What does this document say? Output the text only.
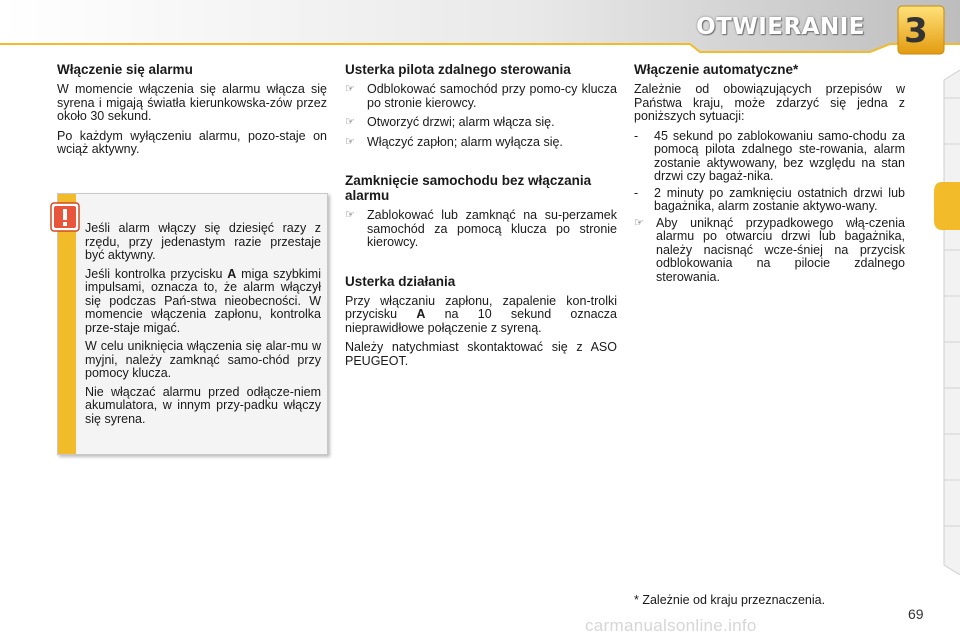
OTWIERANIE 3
Włączenie się alarmu

W momencie włączenia się alarmu włącza się syrena i migają światła kierunkowska-zów przez około 30 sekund.

Po każdym wyłączeniu alarmu, pozo-staje on wciąż aktywny.

Jeśli alarm włączy się dziesięć razy z rzędu, przy jedenastym razie przestaje być aktywny.

Jeśli kontrolka przycisku A miga szybkimi impulsami, oznacza to, że alarm włączył się podczas Pań-stwa nieobecności. W momencie włączenia zapłonu, kontrolka prze-staje migać.

W celu uniknięcia włączenia się alar-mu w myjni, należy zamknąć samo-chód przy pomocy klucza.

Nie włączać alarmu przed odłącze-niem akumulatora, w innym przy-padku włączy się syrena.

Usterka pilota zdalnego sterowania
☞ Odblokować samochód przy pomo-cy klucza po stronie kierowcy.
☞ Otworzyć drzwi; alarm włącza się.
☞ Włączyć zapłon; alarm wyłącza się.
Zamknięcie samochodu bez włączania alarmu
☞ Zablokować lub zamknąć na su-perzamek samochód za pomocą klucza po stronie kierowcy.
Usterka działania

Przy włączaniu zapłonu, zapalenie kon-trolki przycisku A na 10 sekund oznacza nieprawidłowe połączenie z syreną.

Należy natychmiast skontaktować się z ASO PEUGEOT.

Włączenie automatyczne*

Zależnie od obowiązujących przepisów w Państwa kraju, może zdarzyć się jedna z poniższych sytuacji:

-	45 sekund po zablokowaniu samo-chodu za pomocą pilota zdalnego ste-rowania, alarm zostanie aktywowany, bez względu na stan drzwi czy bagaż-nika.
-	2 minuty po zamknięciu ostatnich drzwi lub bagażnika, alarm zostanie aktywo-wany.
☞ Aby uniknąć przypadkowego włą-czenia alarmu po otwarciu drzwi lub bagażnika, należy nacisnąć wcze-śniej na przycisk odblokowania na pilocie zdalnego sterowania.
* Zależnie od kraju przeznaczenia.
69
carmanualsonline.info
